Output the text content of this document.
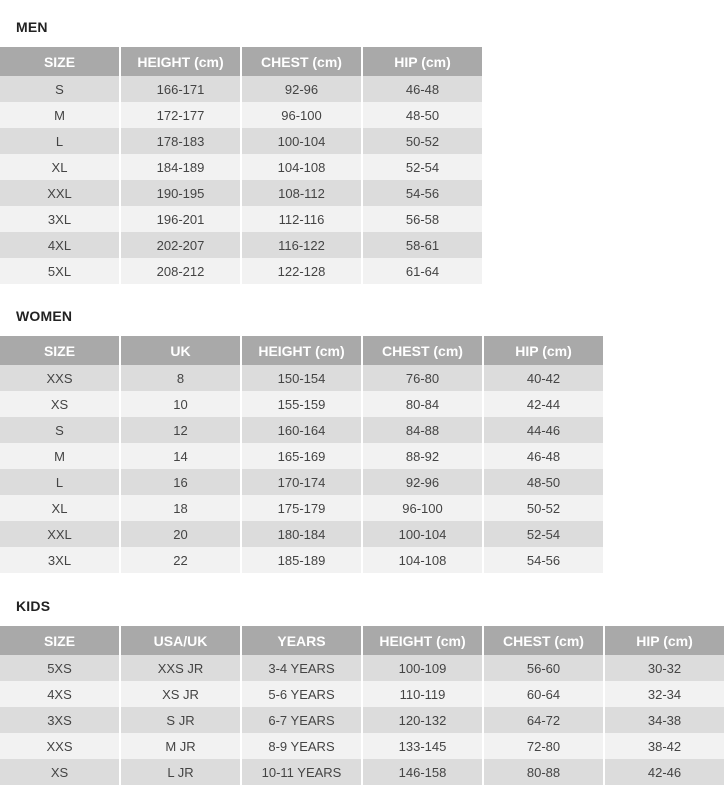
MEN
SIZE	HEIGHT (cm)	CHEST (cm)	HIP (cm)
S	166-171	92-96	46-48
M	172-177	96-100	48-50
L	178-183	100-104	50-52
XL	184-189	104-108	52-54
XXL	190-195	108-112	54-56
3XL	196-201	112-116	56-58
4XL	202-207	116-122	58-61
5XL	208-212	122-128	61-64
WOMEN
SIZE	UK	HEIGHT (cm)	CHEST (cm)	HIP (cm)
XXS	8	150-154	76-80	40-42
XS	10	155-159	80-84	42-44
S	12	160-164	84-88	44-46
M	14	165-169	88-92	46-48
L	16	170-174	92-96	48-50
XL	18	175-179	96-100	50-52
XXL	20	180-184	100-104	52-54
3XL	22	185-189	104-108	54-56
KIDS
SIZE	USA/UK	YEARS	HEIGHT (cm)	CHEST (cm)	HIP (cm)
5XS	XXS JR	3-4 YEARS	100-109	56-60	30-32
4XS	XS JR	5-6 YEARS	110-119	60-64	32-34
3XS	S JR	6-7 YEARS	120-132	64-72	34-38
XXS	M JR	8-9 YEARS	133-145	72-80	38-42
XS	L JR	10-11 YEARS	146-158	80-88	42-46
